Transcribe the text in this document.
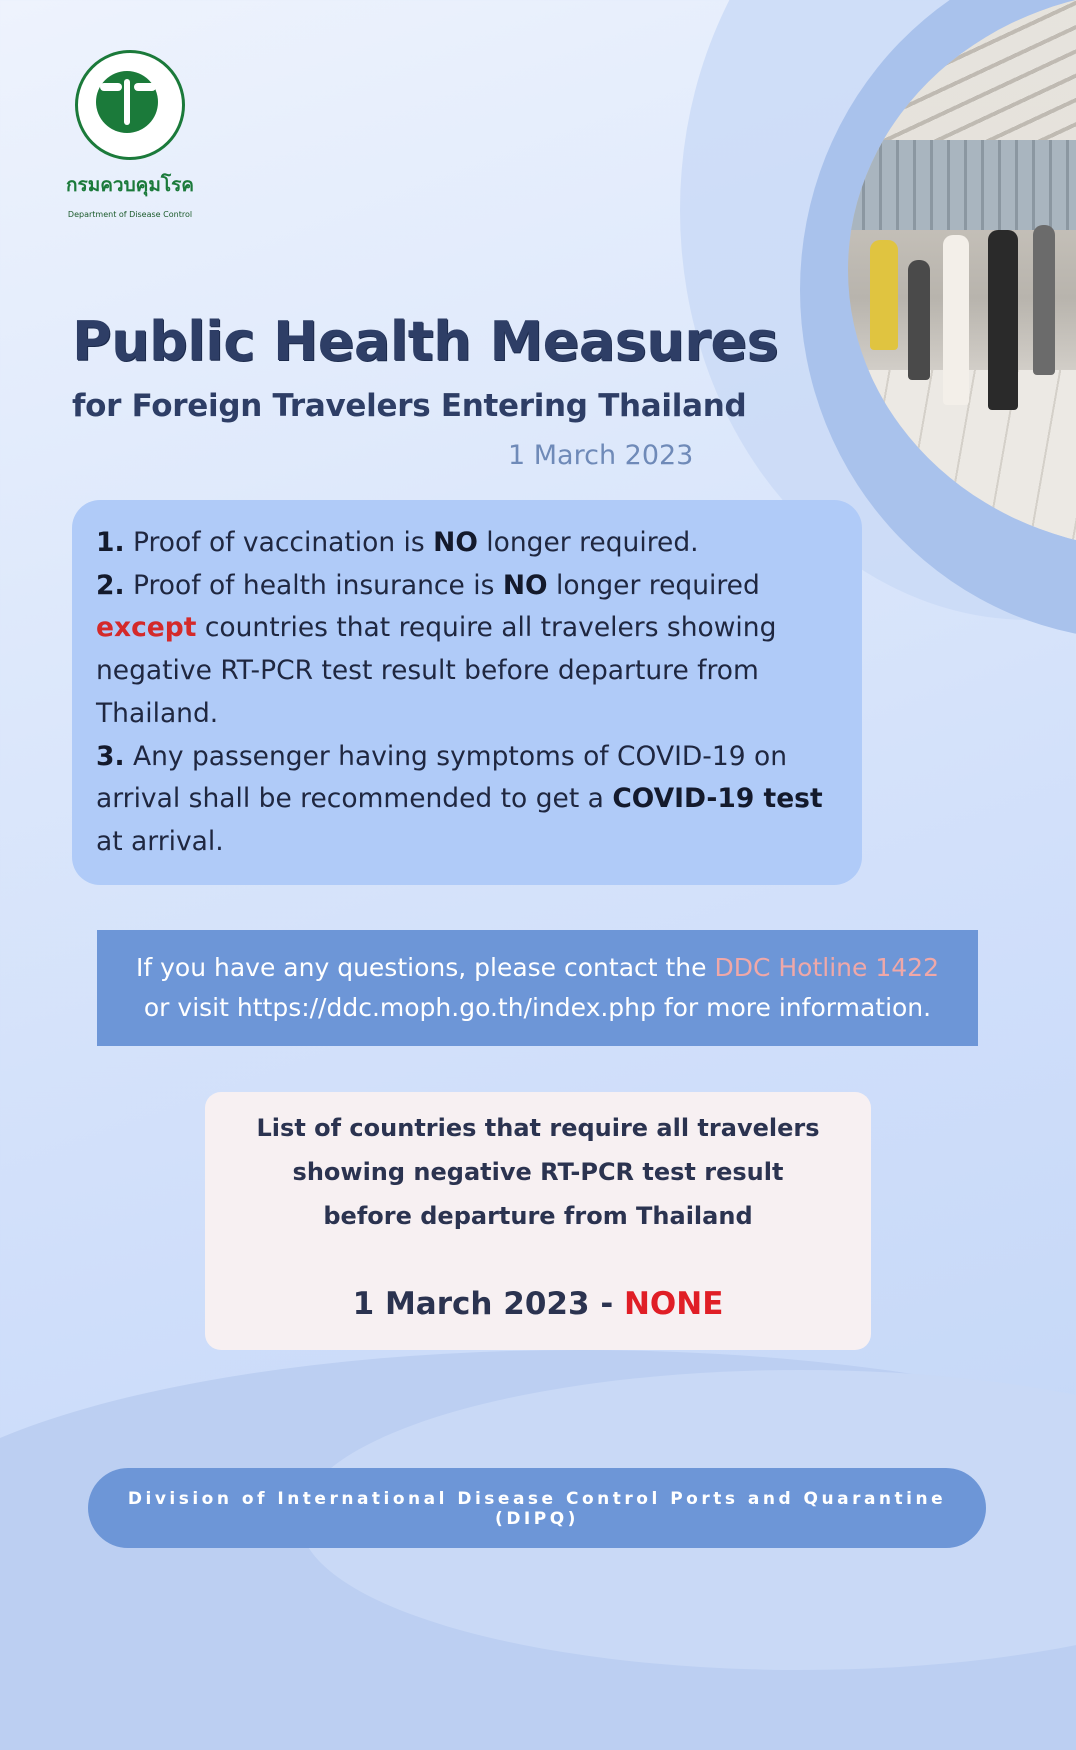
กรมควบคุมโรค
Department of Disease Control
Public Health Measures
for Foreign Travelers Entering Thailand
1 March 2023
1. Proof of vaccination is NO longer required.
2. Proof of health insurance is NO longer required except countries that require all travelers showing negative RT-PCR test result before departure from Thailand.
3. Any passenger having symptoms of COVID-19 on arrival shall be recommended to get a COVID-19 test at arrival.
If you have any questions, please contact the DDC Hotline 1422
or visit https://ddc.moph.go.th/index.php for more information.
List of countries that require all travelers
showing negative RT-PCR test result
before departure from Thailand
1 March 2023 - NONE
Division of International Disease Control Ports and Quarantine (DIPQ)
